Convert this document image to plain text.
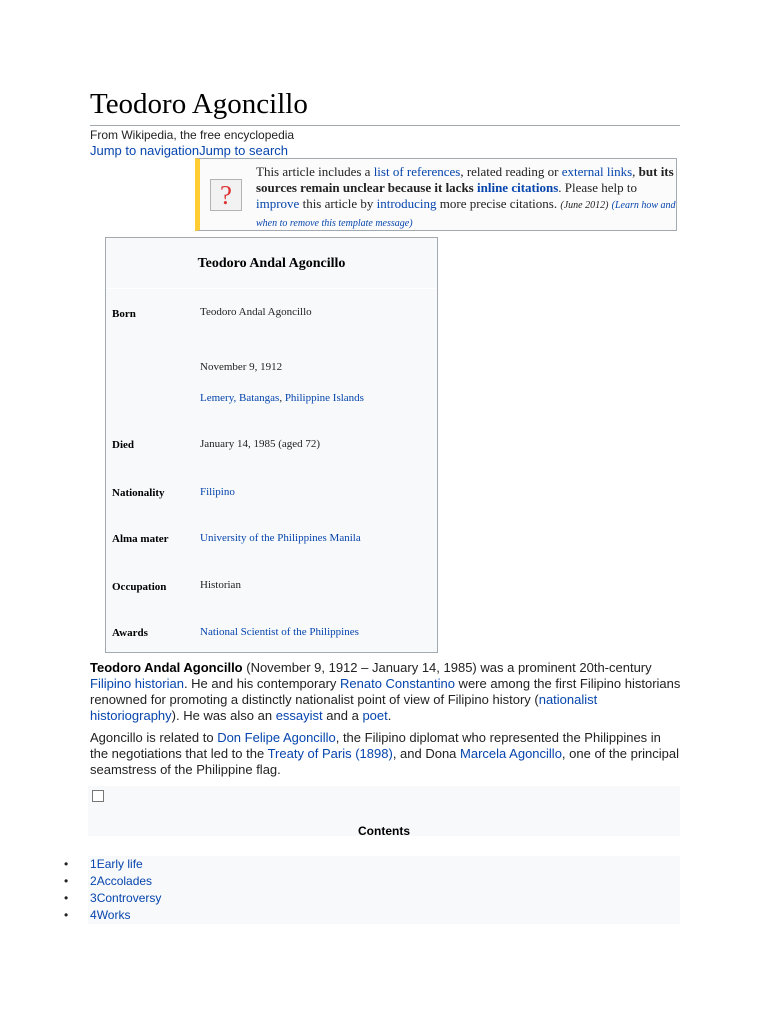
Teodoro Agoncillo
From Wikipedia, the free encyclopedia
Jump to navigationJump to search
?
This article includes a list of references, related reading or external links, but its sources remain unclear because it lacks inline citations. Please help to improve this article by introducing more precise citations. (June 2012) (Learn how and when to remove this template message)
Teodoro Andal Agoncillo
Born	Teodoro Andal Agoncillo
November 9, 1912
Lemery, Batangas, Philippine Islands
Died	January 14, 1985 (aged 72)
Nationality	Filipino
Alma mater	University of the Philippines Manila
Occupation	Historian
Awards	National Scientist of the Philippines
Teodoro Andal Agoncillo (November 9, 1912 – January 14, 1985) was a prominent 20th-century Filipino historian. He and his contemporary Renato Constantino were among the first Filipino historians renowned for promoting a distinctly nationalist point of view of Filipino history (nationalist historiography). He was also an essayist and a poet.
Agoncillo is related to Don Felipe Agoncillo, the Filipino diplomat who represented the Philippines in the negotiations that led to the Treaty of Paris (1898), and Dona Marcela Agoncillo, one of the principal seamstress of the Philippine flag.
Contents
• 1Early life
• 2Accolades
• 3Controversy
• 4Works
